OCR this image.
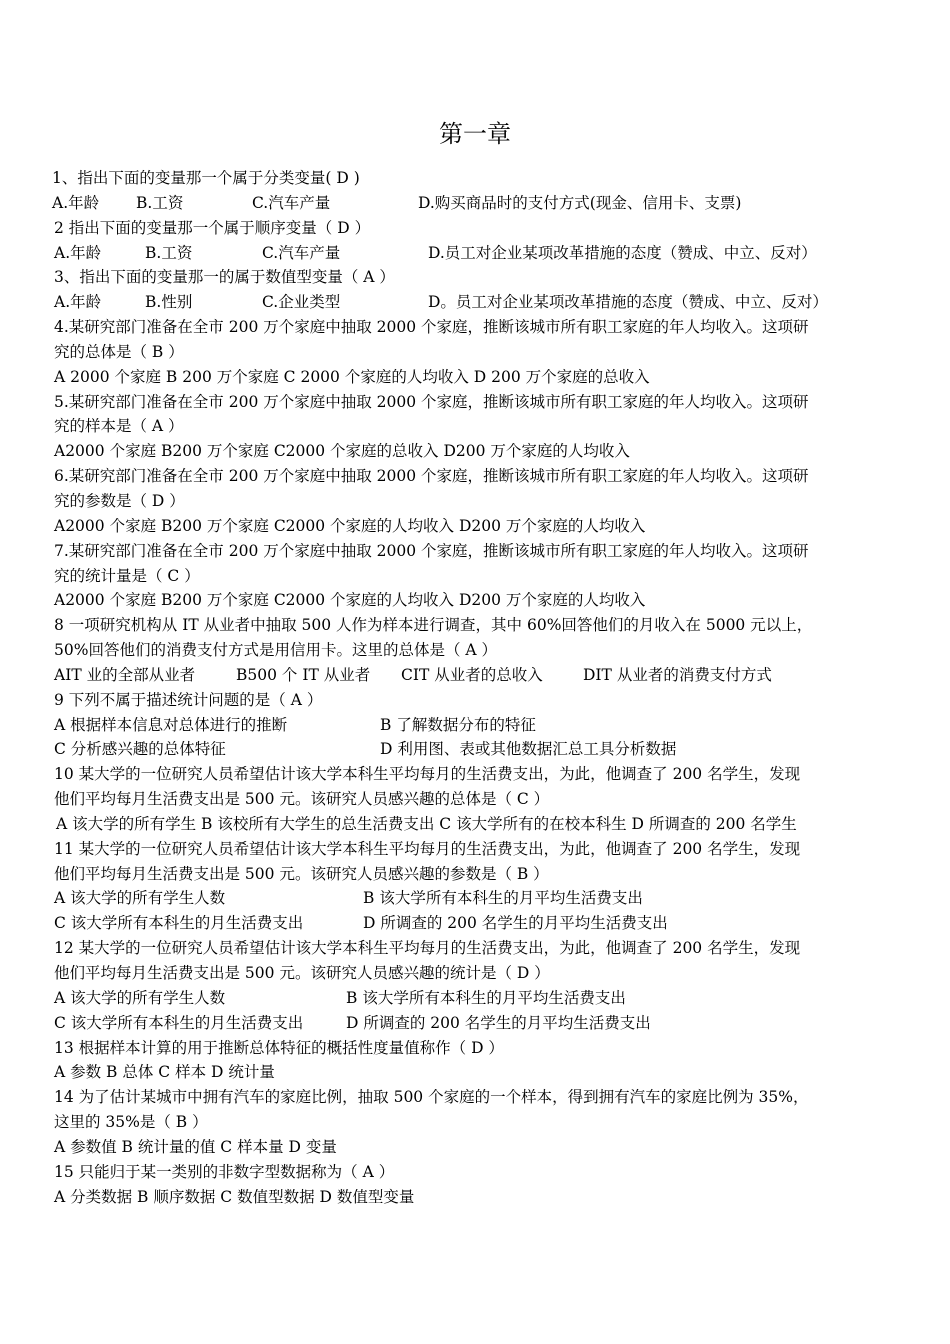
第一章
1、指出下面的变量那一个属于分类变量( D )
A.年龄 B.工资	C.汽车产量	D.购买商品时的支付方式(现金、信用卡、支票)
2 指出下面的变量那一个属于顺序变量（ D ）
A.年龄	B.工资	C.汽车产量	D.员工对企业某项改革措施的态度（赞成、中立、反对）
3、指出下面的变量那一的属于数值型变量（ A ）
A.年龄	B.性别	C.企业类型	D。员工对企业某项改革措施的态度（赞成、中立、反对）
4.某研究部门准备在全市 200 万个家庭中抽取 2000 个家庭，推断该城市所有职工家庭的年人均收入。这项研
究的总体是（ B ）
A 2000 个家庭 B 200 万个家庭 C 2000 个家庭的人均收入 D 200 万个家庭的总收入
5.某研究部门准备在全市 200 万个家庭中抽取 2000 个家庭，推断该城市所有职工家庭的年人均收入。这项研
究的样本是（ A ）
A2000 个家庭 B200 万个家庭 C2000 个家庭的总收入 D200 万个家庭的人均收入
6.某研究部门准备在全市 200 万个家庭中抽取 2000 个家庭，推断该城市所有职工家庭的年人均收入。这项研
究的参数是（ D ）
A2000 个家庭 B200 万个家庭 C2000 个家庭的人均收入 D200 万个家庭的人均收入
7.某研究部门准备在全市 200 万个家庭中抽取 2000 个家庭，推断该城市所有职工家庭的年人均收入。这项研
究的统计量是（ C ）
A2000 个家庭 B200 万个家庭 C2000 个家庭的人均收入 D200 万个家庭的人均收入
8 一项研究机构从 IT 从业者中抽取 500 人作为样本进行调查，其中 60%回答他们的月收入在 5000 元以上，
50%回答他们的消费支付方式是用信用卡。这里的总体是（ A ）
AIT 业的全部从业者	B500 个 IT 从业者 CIT 从业者的总收入	DIT 从业者的消费支付方式
9 下列不属于描述统计问题的是（ A ）
A 根据样本信息对总体进行的推断	B 了解数据分布的特征
C 分析感兴趣的总体特征	D 利用图、表或其他数据汇总工具分析数据
10 某大学的一位研究人员希望估计该大学本科生平均每月的生活费支出，为此，他调查了 200 名学生，发现
他们平均每月生活费支出是 500 元。该研究人员感兴趣的总体是（ C ）
A 该大学的所有学生 B 该校所有大学生的总生活费支出 C 该大学所有的在校本科生 D 所调查的 200 名学生
11 某大学的一位研究人员希望估计该大学本科生平均每月的生活费支出，为此，他调查了 200 名学生，发现
他们平均每月生活费支出是 500 元。该研究人员感兴趣的参数是（ B ）
A 该大学的所有学生人数	B 该大学所有本科生的月平均生活费支出
C 该大学所有本科生的月生活费支出	D 所调查的 200 名学生的月平均生活费支出
12 某大学的一位研究人员希望估计该大学本科生平均每月的生活费支出，为此，他调查了 200 名学生，发现
他们平均每月生活费支出是 500 元。该研究人员感兴趣的统计是（ D ）
A 该大学的所有学生人数	B 该大学所有本科生的月平均生活费支出
C 该大学所有本科生的月生活费支出	D 所调查的 200 名学生的月平均生活费支出
13 根据样本计算的用于推断总体特征的概括性度量值称作（ D ）
A 参数 B 总体 C 样本 D 统计量
14 为了估计某城市中拥有汽车的家庭比例，抽取 500 个家庭的一个样本，得到拥有汽车的家庭比例为 35%，
这里的 35%是（ B ）
A 参数值 B 统计量的值 C 样本量 D 变量
15 只能归于某一类别的非数字型数据称为（ A ）
A 分类数据 B 顺序数据 C 数值型数据 D 数值型变量
